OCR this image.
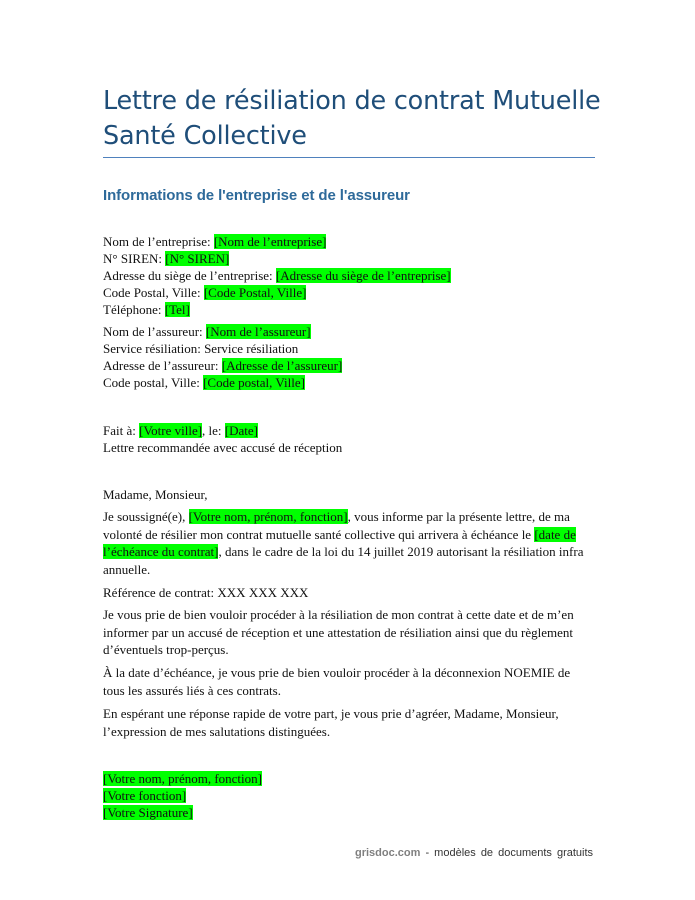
Lettre de résiliation de contrat Mutuelle
Santé Collective
Informations de l'entreprise et de l'assureur
Nom de l’entreprise: [Nom de l’entreprise]
N° SIREN: [N° SIREN]
Adresse du siège de l’entreprise: [Adresse du siège de l’entreprise]
Code Postal, Ville: [Code Postal, Ville]
Téléphone: [Tel]
Nom de l’assureur: [Nom de l’assureur]
Service résiliation: Service résiliation
Adresse de l’assureur: [Adresse de l’assureur]
Code postal, Ville: [Code postal, Ville]
Fait à: [Votre ville], le: [Date]
Lettre recommandée avec accusé de réception
Madame, Monsieur,
Je soussigné(e), [Votre nom, prénom, fonction], vous informe par la présente lettre, de ma volonté de résilier mon contrat mutuelle santé collective qui arrivera à échéance le [date de l’échéance du contrat], dans le cadre de la loi du 14 juillet 2019 autorisant la résiliation infra annuelle.
Référence de contrat: XXX XXX XXX
Je vous prie de bien vouloir procéder à la résiliation de mon contrat à cette date et de m’en informer par un accusé de réception et une attestation de résiliation ainsi que du règlement d’éventuels trop-perçus.
À la date d’échéance, je vous prie de bien vouloir procéder à la déconnexion NOEMIE de tous les assurés liés à ces contrats.
En espérant une réponse rapide de votre part, je vous prie d’agréer, Madame, Monsieur, l’expression de mes salutations distinguées.
[Votre nom, prénom, fonction]
[Votre fonction]
[Votre Signature]
grisdoc.com - modèles de documents gratuits
